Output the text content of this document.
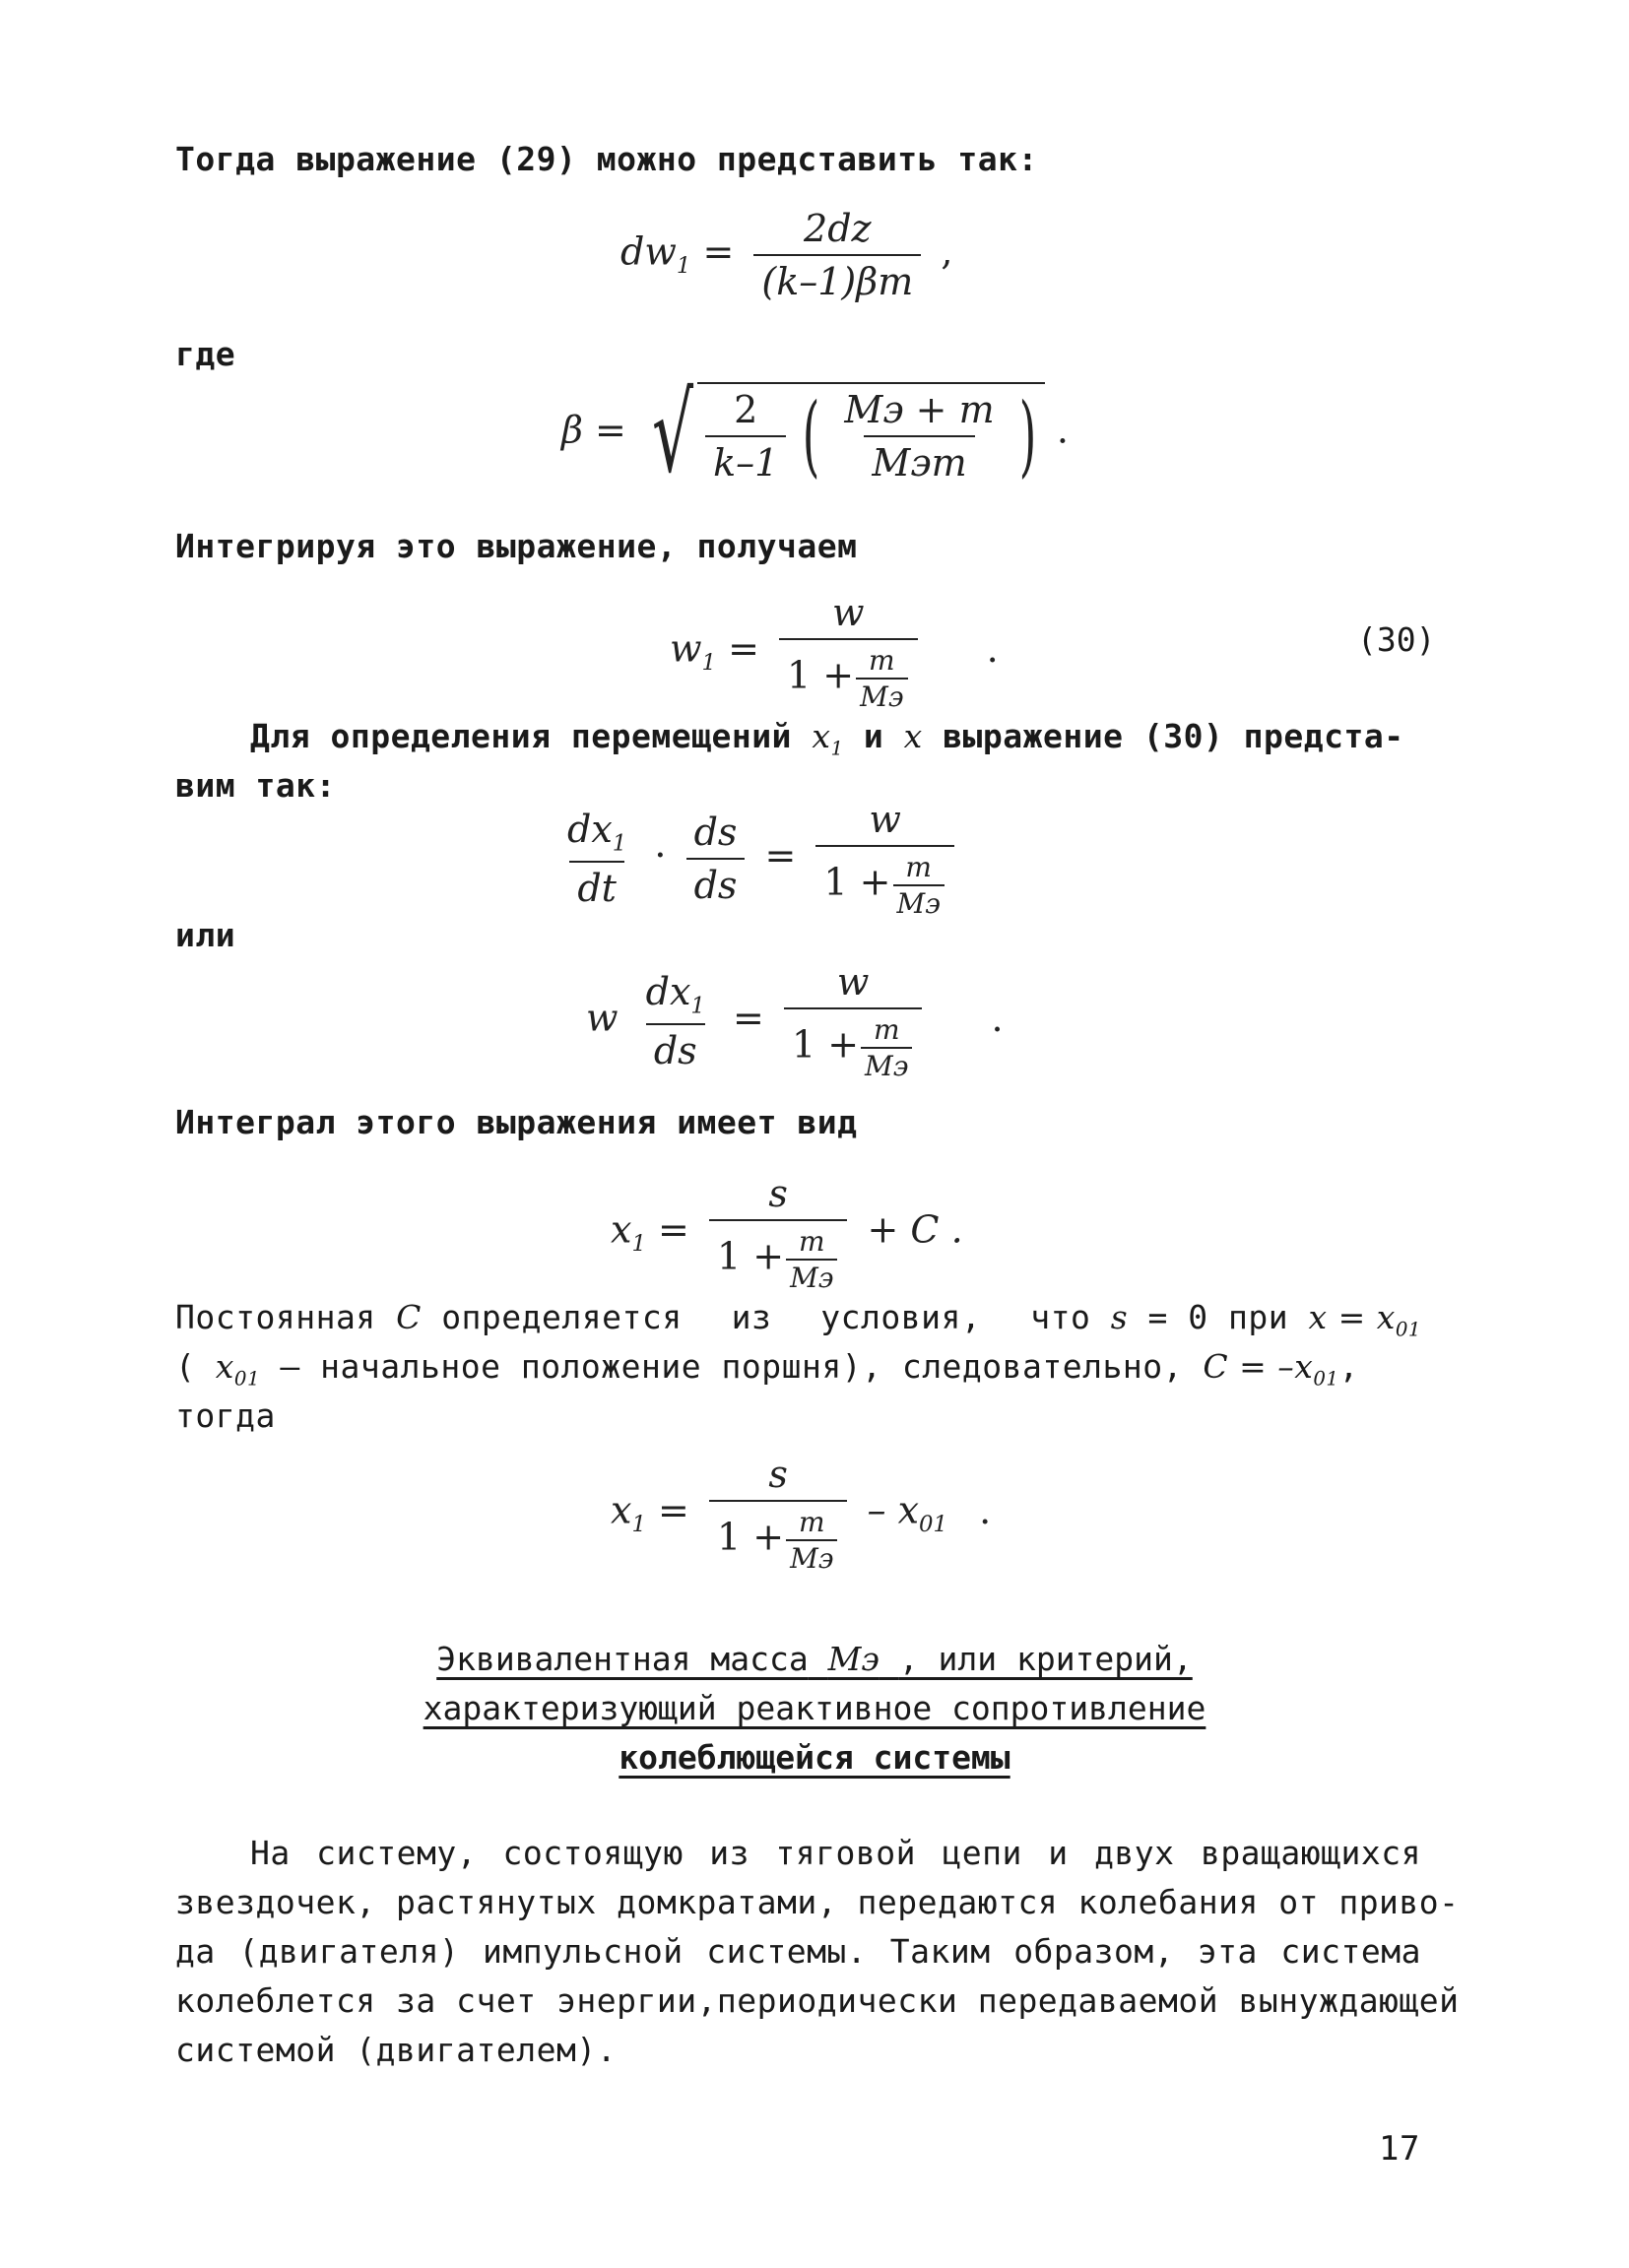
Тогда выражение (29) можно представить так:
$dw_1 = \frac{2dz}{(k-1)\beta m}$ ,
где
β = √ $\frac{2}{k-1}$ ( $\frac{Mэ + m}{\text{Mэm}}$ ) .
Интегрируя это выражение, получаем
$w_1 = \frac{w}{1 + \frac{m}{Mэ}}$ .	(30)
Для определения перемещений $x_1$ и x выражение (30) предста-
вим так:
$\frac{dx_1}{dt} \cdot \frac{ds}{ds} = \frac{w}{1 + \frac{m}{Mэ}}$
или
w $\frac{dx_1}{ds} = \frac{w}{1 + \frac{m}{Mэ}}$ .
Интеграл этого выражения имеет вид
$x_1 = \frac{s}{1 + \frac{m}{Mэ}} + C$ .
Постоянная C определяется из условия, что s = 0 при $x = x_{01}$
( $x_{01}$ – начальное положение поршня), следовательно, $C = -x_{01}$,
тогда
$x_1 = \frac{s}{1 + \frac{m}{Mэ}} - x_{01}$ .
Эквивалентная масса Mэ , или критерий,
характеризующий реактивное сопротивление
колеблющейся системы
На систему, состоящую из тяговой цепи и двух вращающихся
звездочек, растянутых домкратами, передаются колебания от приво-
да (двигателя) импульсной системы. Таким образом, эта система
колеблется за счет энергии,периодически передаваемой вынуждающей
системой (двигателем).
17
